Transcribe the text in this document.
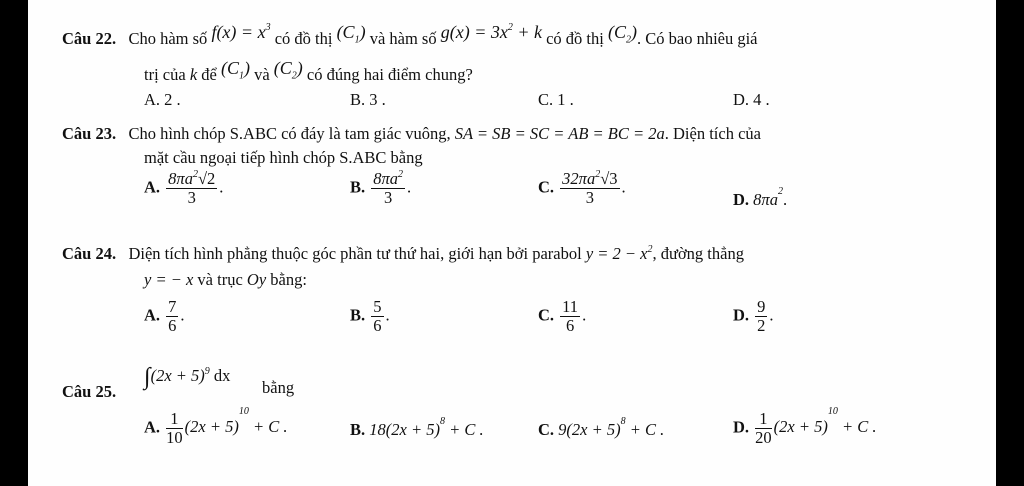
Câu 22. Cho hàm số $f(x) = x^3$ có đồ thị $(C_1)$ và hàm số $g(x) = 3x^2 + k$ có đồ thị $(C_2)$. Có bao nhiêu giá
trị của k để $(C_1)$ và $(C_2)$ có đúng hai điểm chung?
A. 2 .	B. 3 .	C. 1 .	D. 4 .
Câu 23. Cho hình chóp S.ABC có đáy là tam giác vuông, SA = SB = SC = AB = BC = 2a. Diện tích của
mặt cầu ngoại tiếp hình chóp S.ABC bằng
A. $\frac{8\pi a^2√2}{3}$ .	B. $\frac{8\pi a^2}{3}$ .	C. $\frac{32\pi a^2√3}{3}$ .
D. $8\pi a^2$.
Câu 24. Diện tích hình phẳng thuộc góc phần tư thứ hai, giới hạn bởi parabol $y = 2 - x^2$, đường thẳng
y = − x và trục Oy bằng:
A. $\frac{7}{6}$ .	B. $\frac{5}{6}$ .	C. $\frac{11}{6}$ .	D. $\frac{9}{2}$ .
$\int(2x + 5)^9$ dx
Câu 25.	bằng
A. $\frac{1}{10} (2x + 5)^{10} + C$ .	B. $18(2x + 5)^8 + C$ .	C. $9(2x + 5)^8 + C$ .	D. $\frac{1}{20} (2x + 5)^{10} + C$ .
